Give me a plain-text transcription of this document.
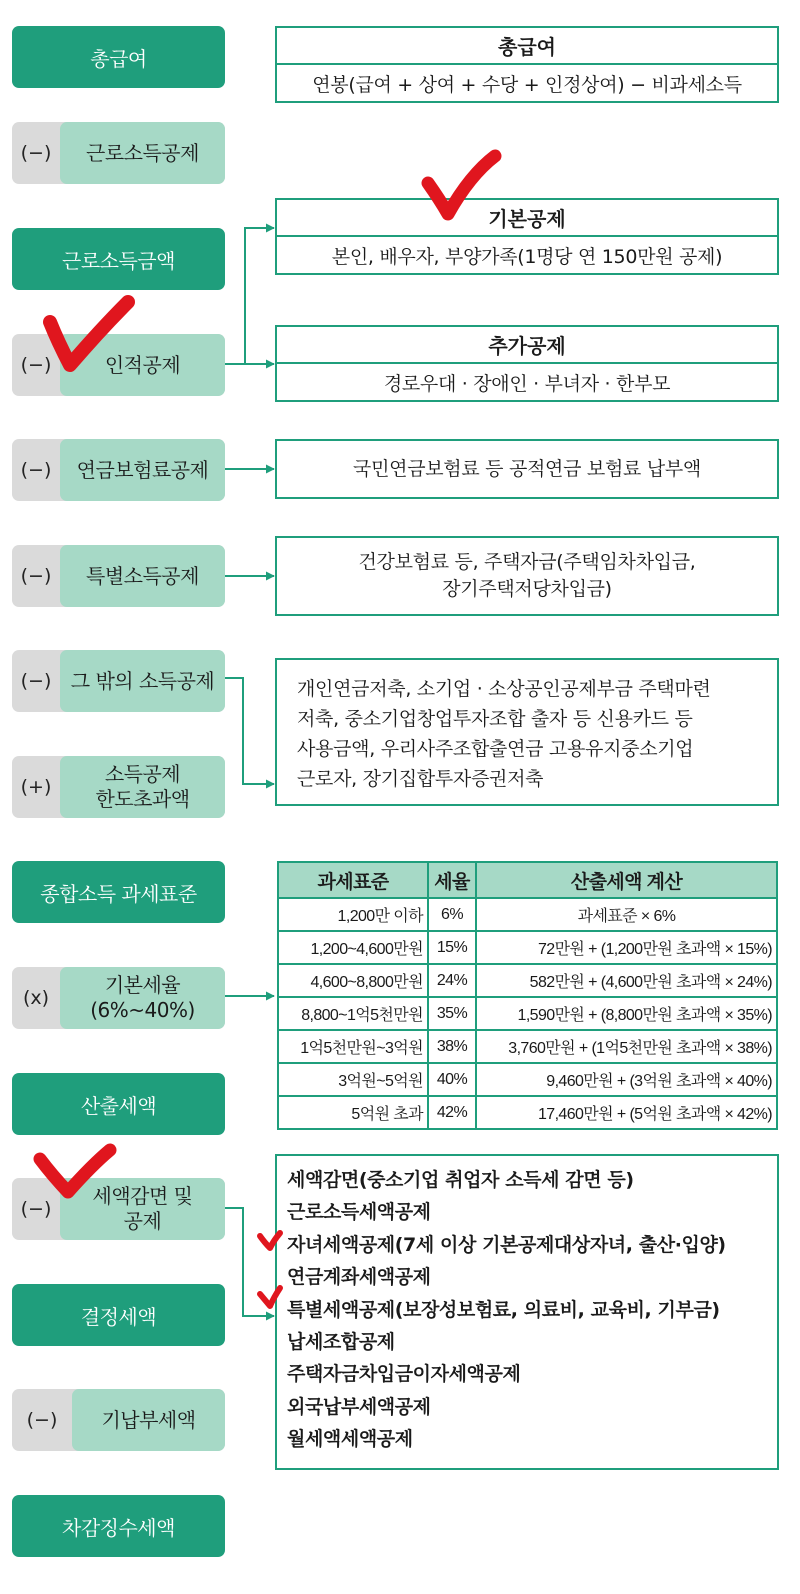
총급여
(−)	근로소득공제
근로소득금액
(−)	인적공제
(−)	연금보험료공제
(−)	특별소득공제
(−) 그 밖의 소득공제
(+)
소득공제
한도초과액
종합소득 과세표준
(x)
기본세율
(6%~40%)
산출세액
(−)
세액감면 및
공제
결정세액
(−)	기납부세액
차감징수세액
총급여
연봉(급여 + 상여 + 수당 + 인정상여) − 비과세소득
기본공제
본인, 배우자, 부양가족(1명당 연 150만원 공제)
추가공제
경로우대 · 장애인 · 부녀자 · 한부모
국민연금보험료 등 공적연금 보험료 납부액
건강보험료 등, 주택자금(주택임차차입금,
장기주택저당차입금)
개인연금저축, 소기업 · 소상공인공제부금 주택마련
저축, 중소기업창업투자조합 출자 등 신용카드 등
사용금액, 우리사주조합출연금 고용유지중소기업
근로자, 장기집합투자증권저축
과세표준	세율	산출세액 계산
1,200만 이하	6%	과세표준 × 6%
1,200~4,600만원	15%	72만원 + (1,200만원 초과액 × 15%)
4,600~8,800만원	24%	582만원 + (4,600만원 초과액 × 24%)
8,800~1억5천만원	35%	1,590만원 + (8,800만원 초과액 × 35%)
1억5천만원~3억원	38%	3,760만원 + (1억5천만원 초과액 × 38%)
3억원~5억원	40%	9,460만원 + (3억원 초과액 × 40%)
5억원 초과	42%	17,460만원 + (5억원 초과액 × 42%)
세액감면(중소기업 취업자 소득세 감면 등)
근로소득세액공제
자녀세액공제(7세 이상 기본공제대상자녀, 출산·입양)
연금계좌세액공제
특별세액공제(보장성보험료, 의료비, 교육비, 기부금)
납세조합공제
주택자금차입금이자세액공제
외국납부세액공제
월세액세액공제
